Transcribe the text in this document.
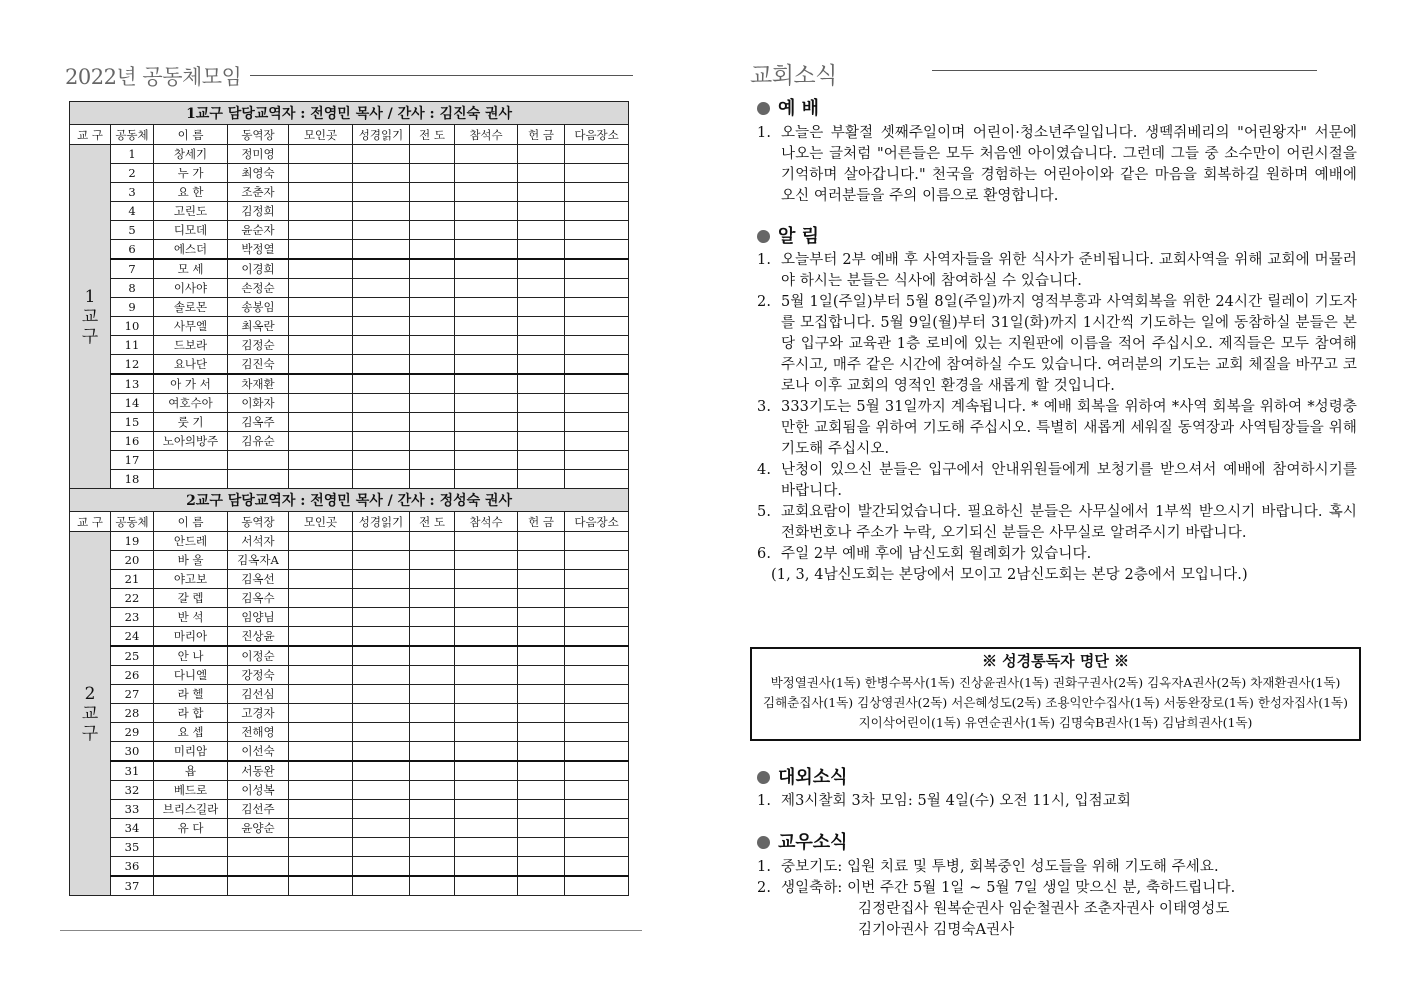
2022년 공동체모임
1교구 담당교역자 : 전영민 목사 / 간사 : 김진숙 권사									
교 구	공동체	이 름	동역장	모인곳	성경읽기	전 도	참석수	헌 금	다음장소

1
교
구	1	창세기	정미영						
	2	누 가	최영숙						
	3	요 한	조춘자						
	4	고린도	김정희						
	5	디모데	윤순자						
	6	에스더	박정열						
	7	모 세	이경희						
	8	이사야	손정순						
	9	솔로몬	송봉임						
	10	사무엘	최옥란						
	11	드보라	김정순						
	12	요나단	김진숙						
	13	아 가 서	차재환						
	14	여호수아	이화자						
	15	룻 기	김옥주						
	16	노아의방주	김유순						
	17								
	18								
2교구 담당교역자 : 전영민 목사 / 간사 : 정성숙 권사									
교 구	공동체	이 름	동역장	모인곳	성경읽기	전 도	참석수	헌 금	다음장소

2
교
구	19	안드레	서석자						
	20	바 울	김옥자A						
	21	야고보	김옥선						
	22	갈 렙	김옥수						
	23	반 석	임양님						
	24	마리아	진상윤						
	25	안 나	이정순						
	26	다니엘	강정숙						
	27	라 헬	김선심						
	28	라 합	고경자						
	29	요 셉	전해영						
	30	미리암	이선숙						
	31	욥	서동완						
	32	베드로	이성복						
	33	브리스길라	김선주						
	34	유 다	윤양순						
	35								
	36								
	37								
교회소식
예 배
1. 오늘은 부활절 셋째주일이며 어린이·청소년주일입니다. 생떽쥐베리의 "어린왕자" 서문에 나오는 글처럼 "어른들은 모두 처음엔 아이였습니다. 그런데 그들 중 소수만이 어린시절을 기억하며 살아갑니다." 천국을 경험하는 어린아이와 같은 마음을 회복하길 원하며 예배에 오신 여러분들을 주의 이름으로 환영합니다.
알 림
1. 오늘부터 2부 예배 후 사역자들을 위한 식사가 준비됩니다. 교회사역을 위해 교회에 머물러야 하시는 분들은 식사에 참여하실 수 있습니다.
2. 5월 1일(주일)부터 5월 8일(주일)까지 영적부흥과 사역회복을 위한 24시간 릴레이 기도자를 모집합니다. 5월 9일(월)부터 31일(화)까지 1시간씩 기도하는 일에 동참하실 분들은 본당 입구와 교육관 1층 로비에 있는 지원판에 이름을 적어 주십시오. 제직들은 모두 참여해 주시고, 매주 같은 시간에 참여하실 수도 있습니다. 여러분의 기도는 교회 체질을 바꾸고 코로나 이후 교회의 영적인 환경을 새롭게 할 것입니다.
3. 333기도는 5월 31일까지 계속됩니다. * 예배 회복을 위하여 *사역 회복을 위하여 *성령충만한 교회됨을 위하여 기도해 주십시오. 특별히 새롭게 세워질 동역장과 사역팀장들을 위해 기도해 주십시오.
4. 난청이 있으신 분들은 입구에서 안내위원들에게 보청기를 받으셔서 예배에 참여하시기를 바랍니다.
5. 교회요람이 발간되었습니다. 필요하신 분들은 사무실에서 1부씩 받으시기 바랍니다. 혹시 전화번호나 주소가 누락, 오기되신 분들은 사무실로 알려주시기 바랍니다.
6. 주일 2부 예배 후에 남신도회 월례회가 있습니다.
(1, 3, 4남신도회는 본당에서 모이고 2남신도회는 본당 2층에서 모입니다.)
※ 성경통독자 명단 ※
박정열권사(1독) 한병수목사(1독) 진상윤권사(1독) 권화구권사(2독) 김옥자A권사(2독) 차재환권사(1독)
김해춘집사(1독) 김상영권사(2독) 서은혜성도(2독) 조용익안수집사(1독) 서동완장로(1독) 한성자집사(1독)
지이삭어린이(1독) 유연순권사(1독) 김명숙B권사(1독) 김남희권사(1독)
대외소식
1. 제3시찰회 3차 모임: 5월 4일(수) 오전 11시, 입점교회
교우소식
1. 중보기도: 입원 치료 및 투병, 회복중인 성도들을 위해 기도해 주세요.
2. 생일축하: 이번 주간 5월 1일 ~ 5월 7일 생일 맞으신 분, 축하드립니다.
김정란집사 원복순권사 임순철권사 조춘자권사 이태영성도
김기아권사 김명숙A권사
